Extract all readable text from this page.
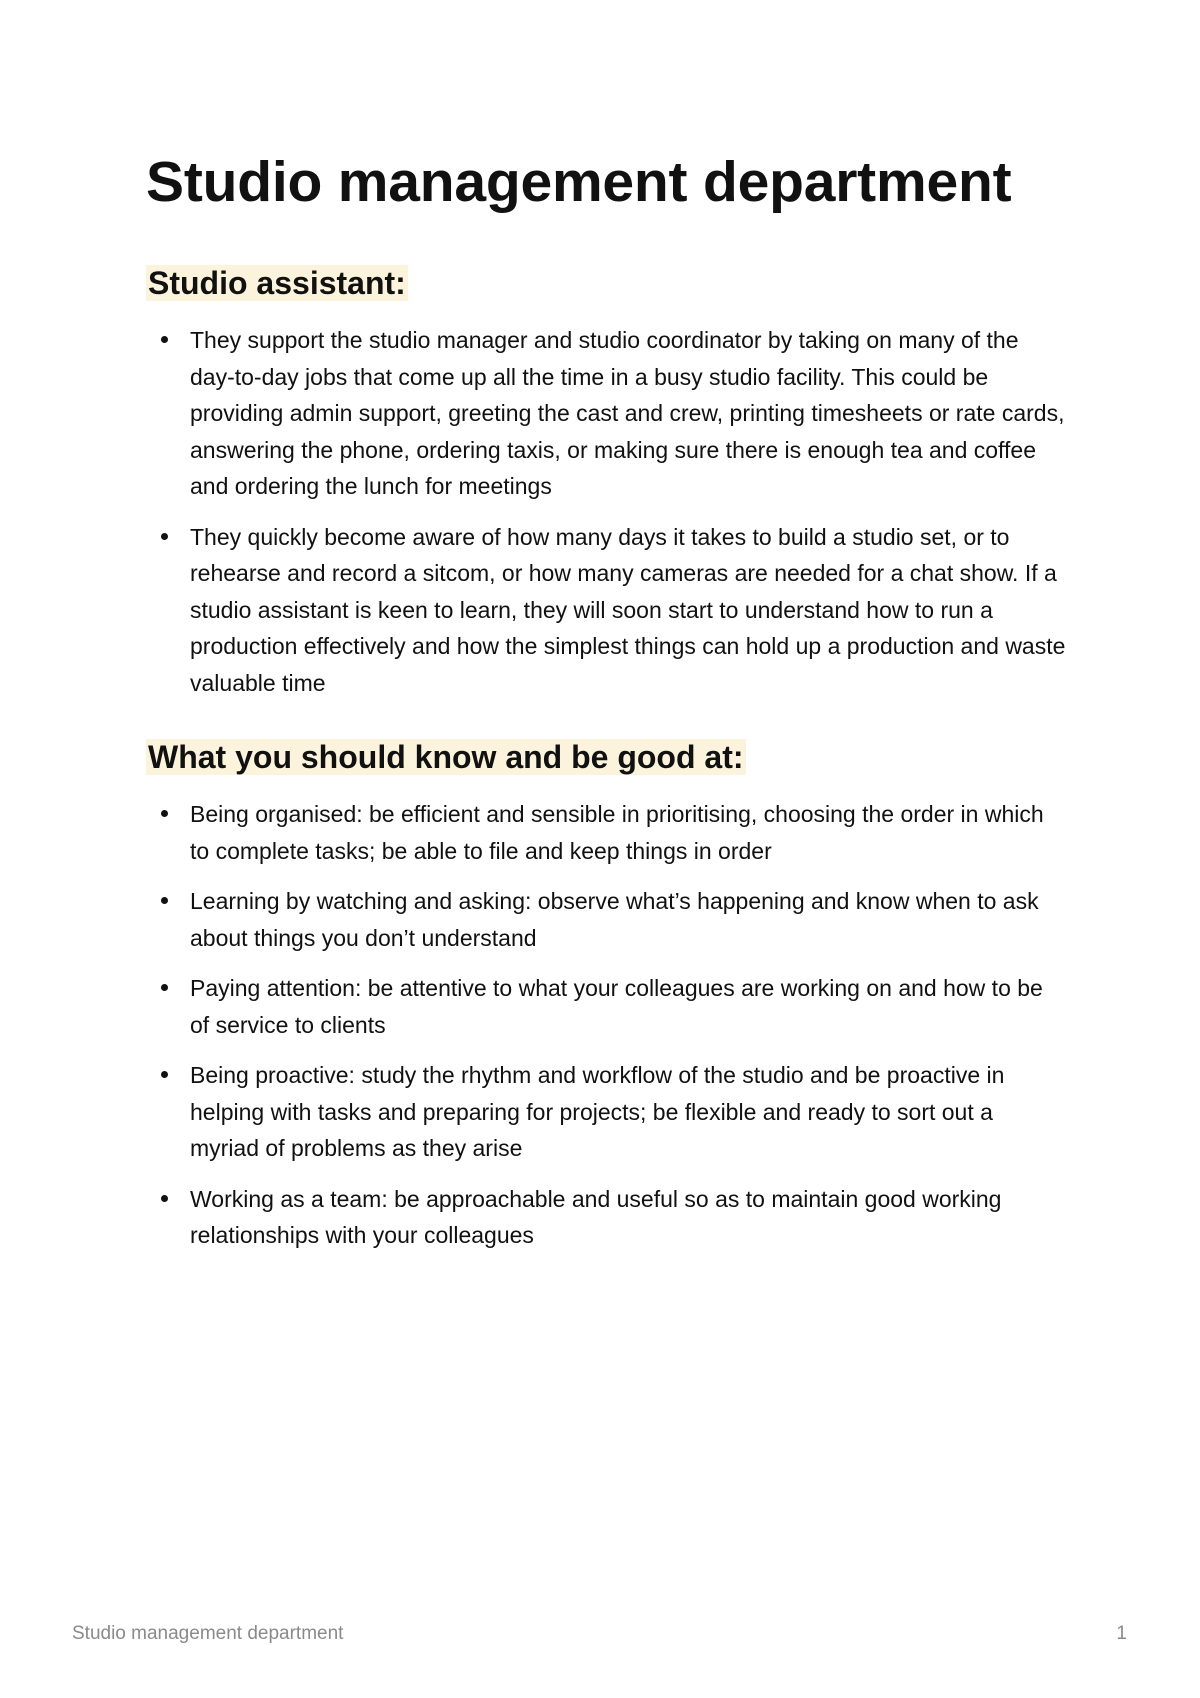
Studio management department
Studio assistant:
They support the studio manager and studio coordinator by taking on many of the day-to-day jobs that come up all the time in a busy studio facility. This could be providing admin support, greeting the cast and crew, printing timesheets or rate cards, answering the phone, ordering taxis, or making sure there is enough tea and coffee and ordering the lunch for meetings
They quickly become aware of how many days it takes to build a studio set, or to rehearse and record a sitcom, or how many cameras are needed for a chat show. If a studio assistant is keen to learn, they will soon start to understand how to run a production effectively and how the simplest things can hold up a production and waste valuable time
What you should know and be good at:
Being organised: be efficient and sensible in prioritising, choosing the order in which to complete tasks; be able to file and keep things in order
Learning by watching and asking: observe what’s happening and know when to ask about things you don’t understand
Paying attention: be attentive to what your colleagues are working on and how to be of service to clients
Being proactive: study the rhythm and workflow of the studio and be proactive in helping with tasks and preparing for projects; be flexible and ready to sort out a myriad of problems as they arise
Working as a team: be approachable and useful so as to maintain good working relationships with your colleagues
Studio management department	1
